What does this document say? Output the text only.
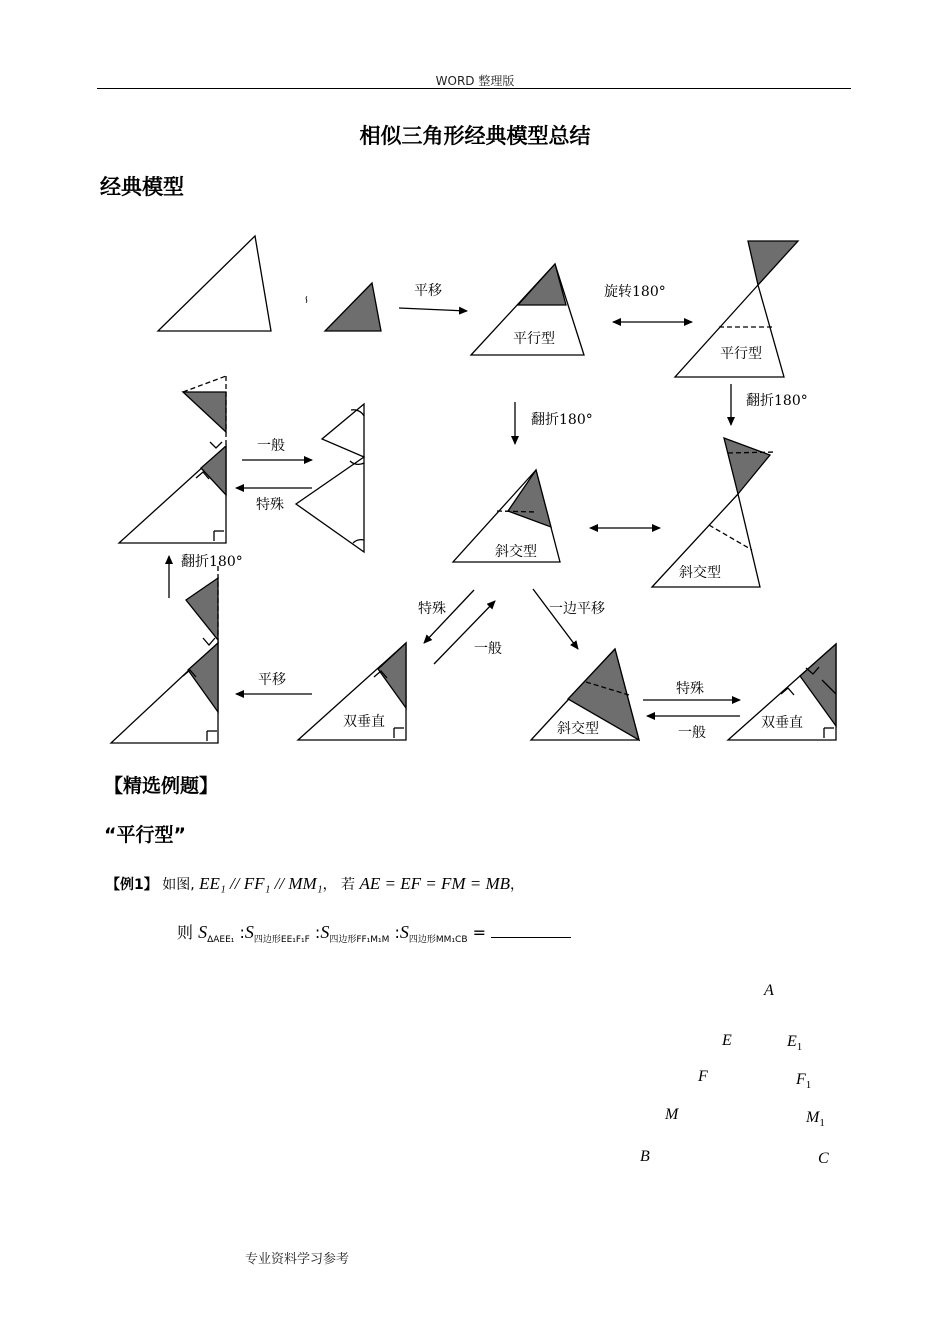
WORD 整理版
相似三角形经典模型总结
经典模型
∽
平移
平行型
旋转180°
平行型
翻折180°
翻折180°
斜交型
斜交型
一般
特殊
翻折180°
特殊
一般
一边平移
平移
双垂直	斜交型
特殊
一般
双垂直
【精选例题】
“平行型”
【例1】 如图, EE₁ // FF₁ // MM₁， 若 AE = EF = FM = MB，
则 $S_{\Delta AEE_1}$ $:S_{四边形EE_1F_1F}$ $:S_{四边形FF_1M_1M}$ $:S_{四边形MM_1CB}$ =
A
E	$E_1$
F	$F_1$
M	$M_1$
B	C
专业资料学习参考
